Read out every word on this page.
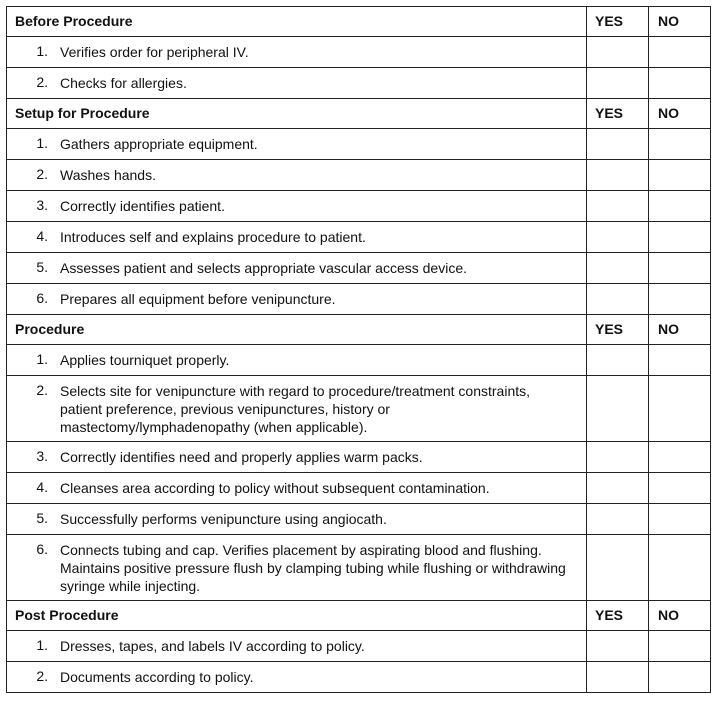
Before Procedure	YES	NO

1. Verifies order for peripheral IV.		

2. Checks for allergies.		

Setup for Procedure	YES	NO

1. Gathers appropriate equipment.		

2. Washes hands.		

3. Correctly identifies patient.		

4. Introduces self and explains procedure to patient.		

5. Assesses patient and selects appropriate vascular access device.		

6. Prepares all equipment before venipuncture.		

Procedure	YES	NO

1. Applies tourniquet properly.		

2. Selects site for venipuncture with regard to procedure/treatment constraints, patient preference, previous venipunctures, history or mastectomy/lymphadenopathy (when applicable).		

3. Correctly identifies need and properly applies warm packs.		

4. Cleanses area according to policy without subsequent contamination.		

5. Successfully performs venipuncture using angiocath.		

6. Connects tubing and cap. Verifies placement by aspirating blood and flushing. Maintains positive pressure flush by clamping tubing while flushing or withdrawing syringe while injecting.		

Post Procedure	YES	NO

1. Dresses, tapes, and labels IV according to policy.		

2. Documents according to policy.		
